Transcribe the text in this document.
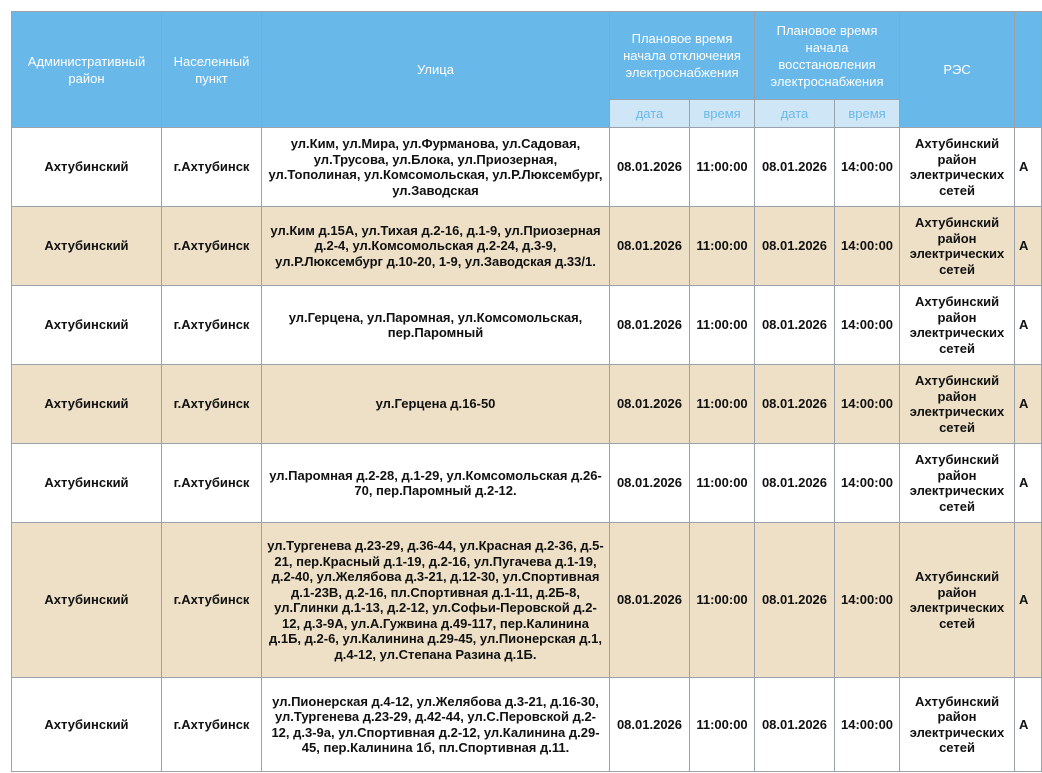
Административный район	Населенный пункт	Улица	Плановое время начала отключения электроснабжения		Плановое время начала восстановления электроснабжения		РЭС	
			дата	время	дата	время		
Ахтубинский	г.Ахтубинск	ул.Ким, ул.Мира, ул.Фурманова, ул.Садовая, ул.Трусова, ул.Блока, ул.Приозерная, ул.Тополиная, ул.Комсомольская, ул.Р.Люксембург, ул.Заводская	08.01.2026	11:00:00	08.01.2026	14:00:00	Ахтубинский район электрических сетей	А
Ахтубинский	г.Ахтубинск	ул.Ким д.15А, ул.Тихая д.2-16, д.1-9, ул.Приозерная д.2-4, ул.Комсомольская д.2-24, д.3-9, ул.Р.Люксембург д.10-20, 1-9, ул.Заводская д.33/1.	08.01.2026	11:00:00	08.01.2026	14:00:00	Ахтубинский район электрических сетей	А
Ахтубинский	г.Ахтубинск	ул.Герцена, ул.Паромная, ул.Комсомольская, пер.Паромный	08.01.2026	11:00:00	08.01.2026	14:00:00	Ахтубинский район электрических сетей	А
Ахтубинский	г.Ахтубинск	ул.Герцена д.16-50	08.01.2026	11:00:00	08.01.2026	14:00:00	Ахтубинский район электрических сетей	А
Ахтубинский	г.Ахтубинск	ул.Паромная д.2-28, д.1-29, ул.Комсомольская д.26-70, пер.Паромный д.2-12.	08.01.2026	11:00:00	08.01.2026	14:00:00	Ахтубинский район электрических сетей	А
Ахтубинский	г.Ахтубинск	ул.Тургенева д.23-29, д.36-44, ул.Красная д.2-36, д.5-21, пер.Красный д.1-19, д.2-16, ул.Пугачева д.1-19, д.2-40, ул.Желябова д.3-21, д.12-30, ул.Спортивная д.1-23В, д.2-16, пл.Спортивная д.1-11, д.2Б-8, ул.Глинки д.1-13, д.2-12, ул.Софьи-Перовской д.2-12, д.3-9А, ул.А.Гужвина д.49-117, пер.Калинина д.1Б, д.2-6, ул.Калинина д.29-45, ул.Пионерская д.1, д.4-12, ул.Степана Разина д.1Б.	08.01.2026	11:00:00	08.01.2026	14:00:00	Ахтубинский район электрических сетей	А
Ахтубинский	г.Ахтубинск	ул.Пионерская д.4-12, ул.Желябова д.3-21, д.16-30, ул.Тургенева д.23-29, д.42-44, ул.С.Перовской д.2-12, д.3-9а, ул.Спортивная д.2-12, ул.Калинина д.29-45, пер.Калинина 1б, пл.Спортивная д.11.	08.01.2026	11:00:00	08.01.2026	14:00:00	Ахтубинский район электрических сетей	А
